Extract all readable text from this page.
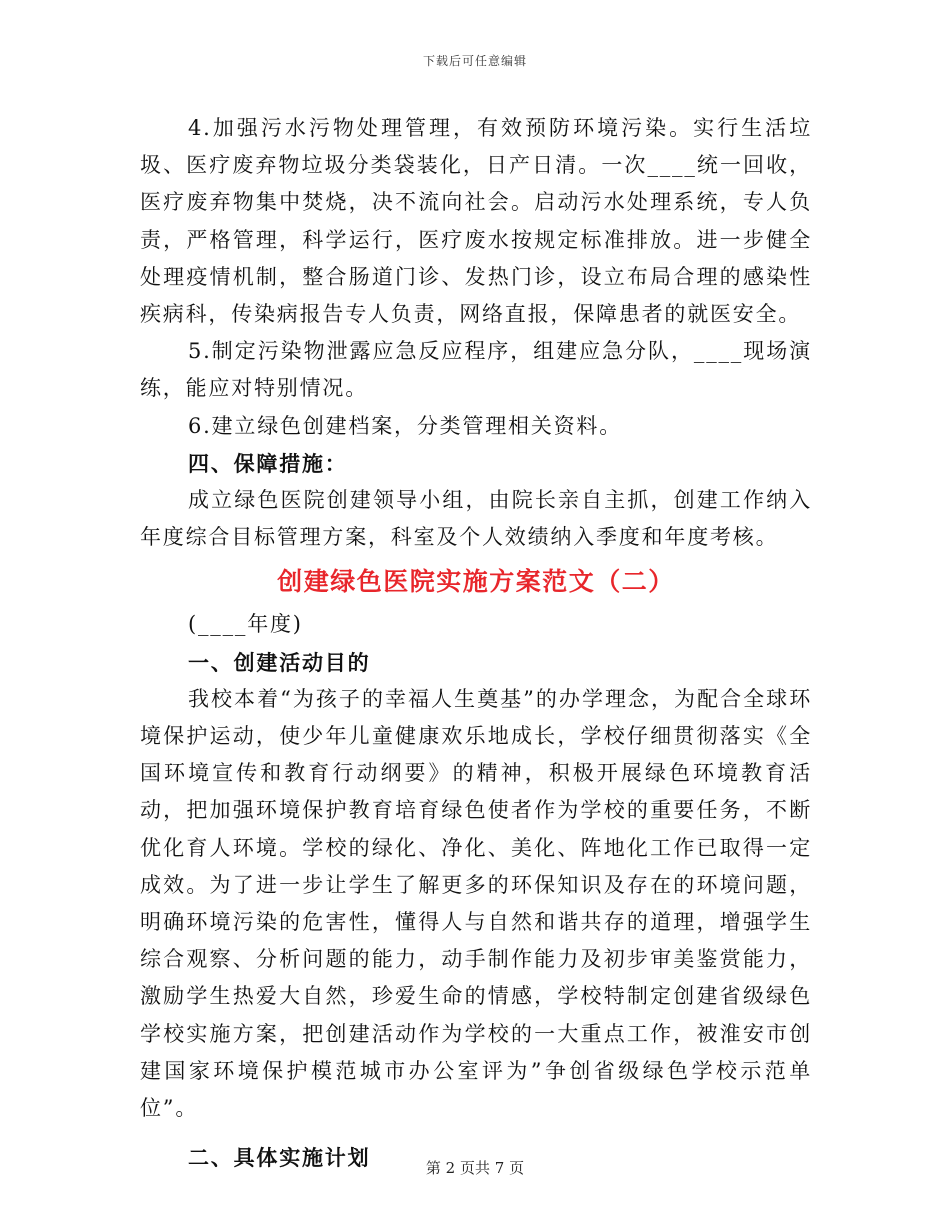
下载后可任意编辑

4.加强污水污物处理管理，有效预防环境污染。实行生活垃圾、医疗废弃物垃圾分类袋装化，日产日清。一次____统一回收，医疗废弃物集中焚烧，决不流向社会。启动污水处理系统，专人负责，严格管理，科学运行，医疗废水按规定标准排放。进一步健全处理疫情机制，整合肠道门诊、发热门诊，设立布局合理的感染性疾病科，传染病报告专人负责，网络直报，保障患者的就医安全。

5.制定污染物泄露应急反应程序，组建应急分队，____现场演练，能应对特别情况。

6.建立绿色创建档案，分类管理相关资料。

四、保障措施：

成立绿色医院创建领导小组，由院长亲自主抓，创建工作纳入年度综合目标管理方案，科室及个人效绩纳入季度和年度考核。

创建绿色医院实施方案范文（二）

(____年度)

一、创建活动目的

我校本着“为孩子的幸福人生奠基”的办学理念，为配合全球环境保护运动，使少年儿童健康欢乐地成长，学校仔细贯彻落实《全国环境宣传和教育行动纲要》的精神，积极开展绿色环境教育活动，把加强环境保护教育培育绿色使者作为学校的重要任务，不断优化育人环境。学校的绿化、净化、美化、阵地化工作已取得一定成效。为了进一步让学生了解更多的环保知识及存在的环境问题，明确环境污染的危害性，懂得人与自然和谐共存的道理，增强学生综合观察、分析问题的能力，动手制作能力及初步审美鉴赏能力，激励学生热爱大自然，珍爱生命的情感，学校特制定创建省级绿色学校实施方案，把创建活动作为学校的一大重点工作，被淮安市创建国家环境保护模范城市办公室评为”争创省级绿色学校示范单位”。

二、具体实施计划	第 2 页共 7 页
